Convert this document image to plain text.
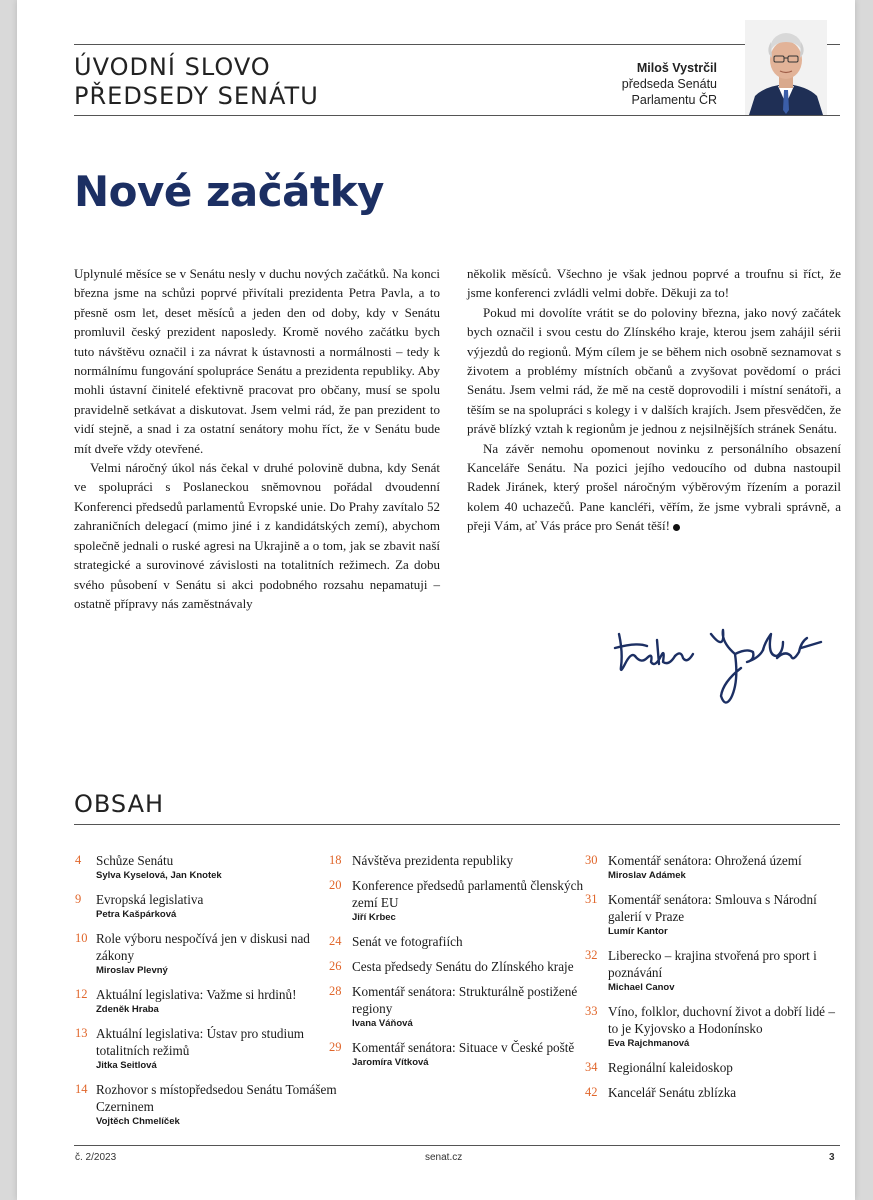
ÚVODNÍ SLOVO
PŘEDSEDY SENÁTU
Miloš Vystrčil
předseda Senátu
Parlamentu ČR
Nové začátky

Uplynulé měsíce se v Senátu nesly v duchu nových začátků. Na konci března jsme na schůzi poprvé přivítali prezidenta Petra Pavla, a to přesně osm let, deset měsíců a jeden den od doby, kdy v Senátu promluvil český prezident naposledy. Kromě nového začátku bych tuto návštěvu označil i za návrat k ústavnosti a normálnosti – tedy k normálnímu fungování spolupráce Senátu a prezidenta republiky. Aby mohli ústavní činitelé efektivně pracovat pro občany, musí se spolu pravidelně setkávat a diskutovat. Jsem velmi rád, že pan prezident to vidí stejně, a snad i za ostatní senátory mohu říct, že v Senátu bude mít dveře vždy otevřené.

Velmi náročný úkol nás čekal v druhé polovině dubna, kdy Senát ve spolupráci s Poslaneckou sněmovnou pořádal dvoudenní Konferenci předsedů parlamentů Evropské unie. Do Prahy zavítalo 52 zahraničních delegací (mimo jiné i z kandidátských zemí), abychom společně jednali o ruské agresi na Ukrajině a o tom, jak se zbavit naší strategické a surovinové závislosti na totalitních režimech. Za dobu svého působení v Senátu si akci podobného rozsahu nepamatuji – ostatně přípravy nás zaměstnávaly

několik měsíců. Všechno je však jednou poprvé a troufnu si říct, že jsme konferenci zvládli velmi dobře. Děkuji za to!

Pokud mi dovolíte vrátit se do poloviny března, jako nový začátek bych označil i svou cestu do Zlínského kraje, kterou jsem zahájil sérii výjezdů do regionů. Mým cílem je se během nich osobně seznamovat s životem a problémy místních občanů a zvyšovat povědomí o práci Senátu. Jsem velmi rád, že mě na cestě doprovodili i místní senátoři, a těším se na spolupráci s kolegy i v dalších krajích. Jsem přesvědčen, že právě blízký vztah k regionům je jednou z nejsilnějších stránek Senátu.

Na závěr nemohu opomenout novinku z personálního obsazení Kanceláře Senátu. Na pozici jejího vedoucího od dubna nastoupil Radek Jiránek, který prošel náročným výběrovým řízením a porazil kolem 40 uchazečů. Pane kancléři, věřím, že jsme vybrali správně, a přeji Vám, ať Vás práce pro Senát těší!

OBSAH
4 Schůze Senátu
Sylva Kyselová, Jan Knotek
9 Evropská legislativa
Petra Kašpárková
10 Role výboru nespočívá jen v diskusi nad zákony
Miroslav Plevný
12 Aktuální legislativa: Važme si hrdinů!
Zdeněk Hraba
13 Aktuální legislativa: Ústav pro studium totalitních režimů
Jitka Seitlová
14 Rozhovor s místopředsedou Senátu Tomášem Czerninem
Vojtěch Chmelíček
18 Návštěva prezidenta republiky
20 Konference předsedů parlamentů členských zemí EU
Jiří Krbec
24 Senát ve fotografiích
26 Cesta předsedy Senátu do Zlínského kraje
28 Komentář senátora: Strukturálně postižené regiony
Ivana Váňová
29 Komentář senátora: Situace v České poště
Jaromíra Vítková
30 Komentář senátora: Ohrožená území
Miroslav Adámek
31 Komentář senátora: Smlouva s Národní galerií v Praze
Lumír Kantor
32 Liberecko – krajina stvořená pro sport i poznávání
Michael Canov
33 Víno, folklor, duchovní život a dobří lidé – to je Kyjovsko a Hodonínsko
Eva Rajchmanová
34 Regionální kaleidoskop
42 Kancelář Senátu zblízka
č. 2/2023	senat.cz	3
